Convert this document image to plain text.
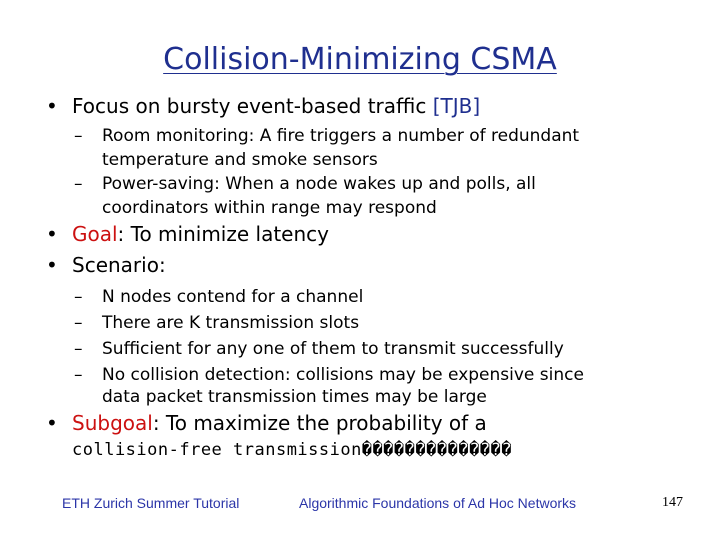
Collision-Minimizing CSMA
• Focus on bursty event-based traffic [TJB]
– Room monitoring: A fire triggers a number of redundant
temperature and smoke sensors
– Power-saving: When a node wakes up and polls, all
coordinators within range may respond
• Goal: To minimize latency
• Scenario:
– N nodes contend for a channel
– There are K transmission slots
– Sufficient for any one of them to transmit successfully
– No collision detection: collisions may be expensive since
data packet transmission times may be large
• Subgoal: To maximize the probability of a
collision-free transmission��������������
ETH Zurich Summer Tutorial	Algorithmic Foundations of Ad Hoc Networks	147
